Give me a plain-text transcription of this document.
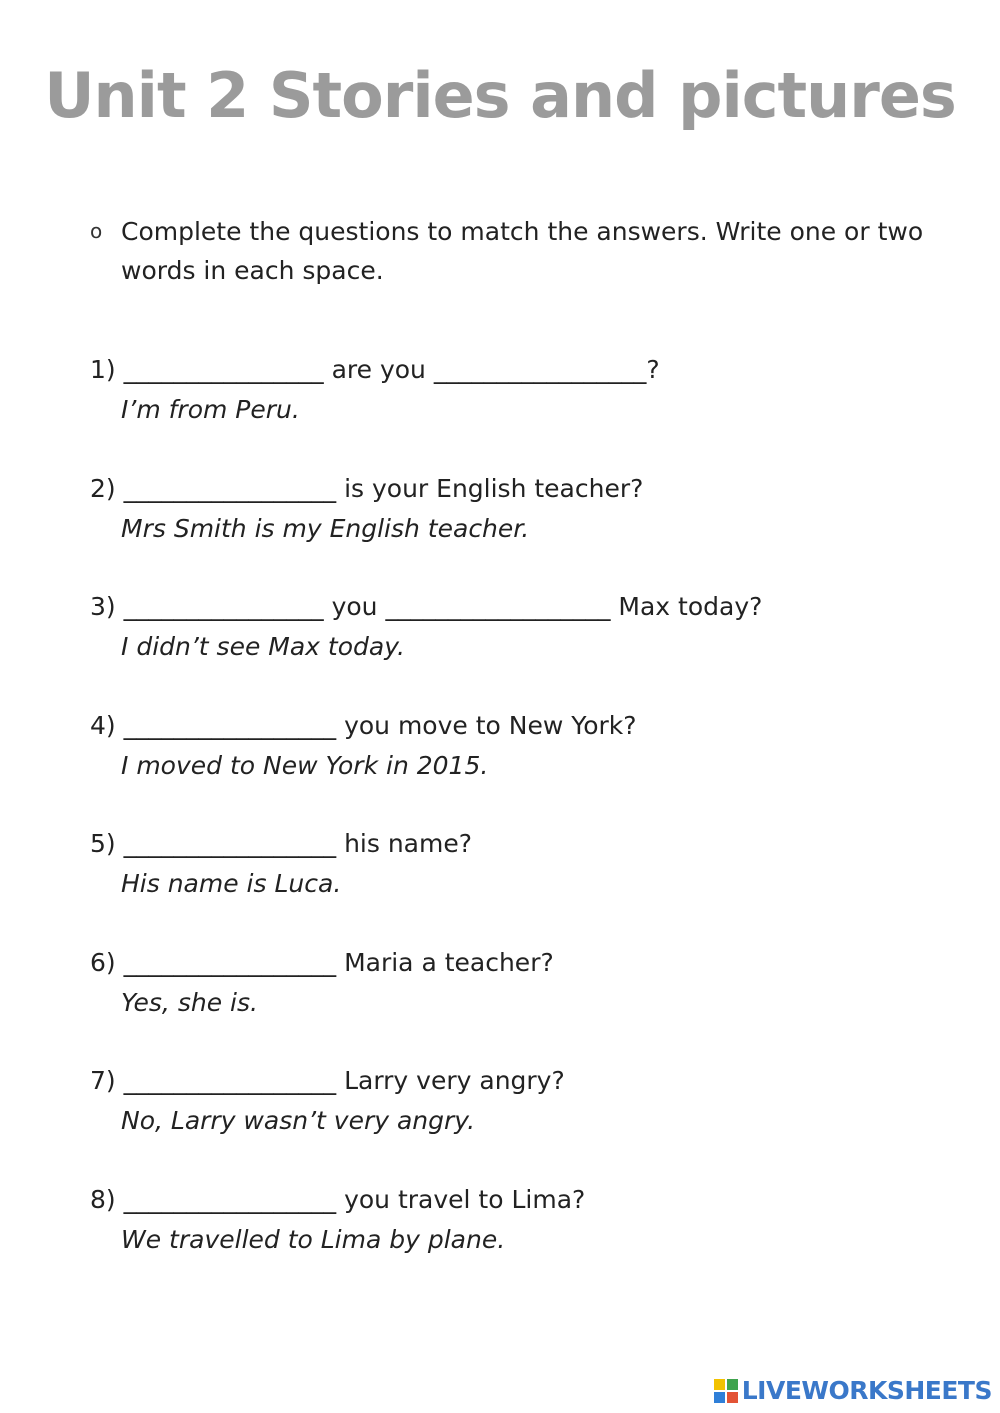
Unit 2 Stories and pictures
o Complete the questions to match the answers. Write one or two words in each space.
1) ________________ are you _________________?
I’m from Peru.
2) _________________ is your English teacher?
Mrs Smith is my English teacher.
3) ________________ you __________________ Max today?
I didn’t see Max today.
4) _________________ you move to New York?
I moved to New York in 2015.
5) _________________ his name?
His name is Luca.
6) _________________ Maria a teacher?
Yes, she is.
7) _________________ Larry very angry?
No, Larry wasn’t very angry.
8) _________________ you travel to Lima?
We travelled to Lima by plane.
LIVEWORKSHEETS
